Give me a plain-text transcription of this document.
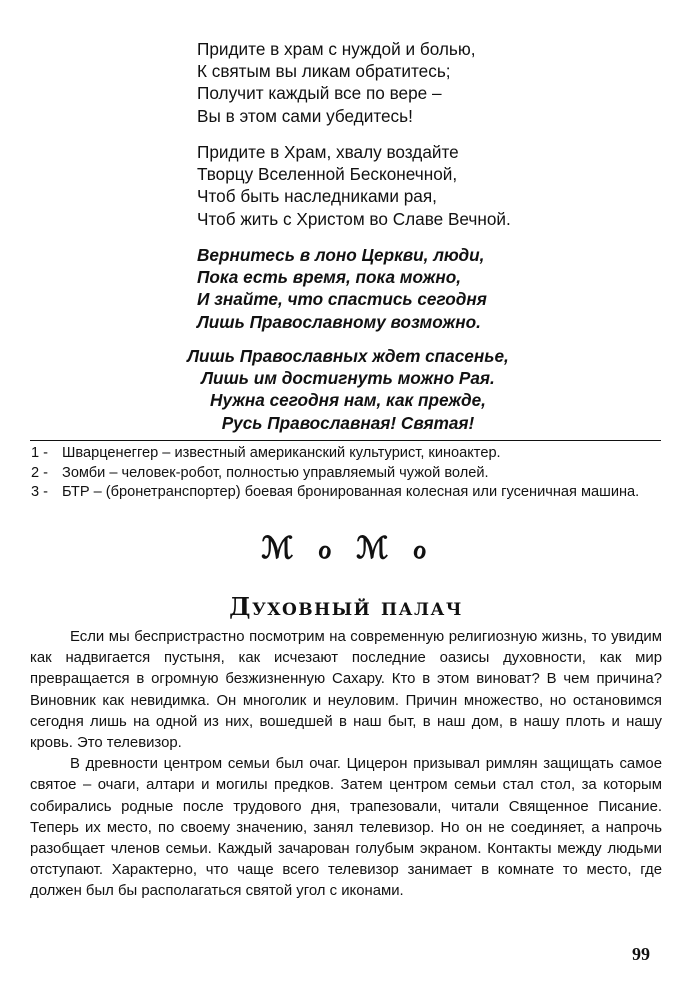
Придите в храм с нуждой и болью,
К святым вы ликам обратитесь;
Получит каждый все по вере –
Вы в этом сами убедитесь!
Придите в Храм, хвалу воздайте
Творцу Вселенной Бесконечной,
Чтоб быть наследниками рая,
Чтоб жить с Христом во Славе Вечной.
Вернитесь в лоно Церкви, люди,
Пока есть время, пока можно,
И знайте, что спастись сегодня
Лишь Православному возможно.
Лишь Православных ждет спасенье,
Лишь им достигнуть можно Рая.
Нужна сегодня нам, как прежде,
Русь Православная! Святая!
1 - Шварценеггер – известный американский культурист, киноактер.
2 - Зомби – человек-робот, полностью управляемый чужой волей.
3 - БТР – (бронетранспортер) боевая бронированная колесная или гусеничная машина.
ℳ ℴ ℳ ℴ
Духовный палач

Если мы беспристрастно посмотрим на современную религиозную жизнь, то увидим как надвигается пустыня, как исчезают последние оазисы духовности, как мир превращается в огромную безжизненную Сахару. Кто в этом виноват? В чем причина? Виновник как невидимка. Он многолик и неуловим. Причин множество, но остановимся сегодня лишь на одной из них, вошедшей в наш быт, в наш дом, в нашу плоть и нашу кровь. Это телевизор.

В древности центром семьи был очаг. Цицерон призывал римлян защищать самое святое – очаги, алтари и могилы предков. Затем центром семьи стал стол, за которым собирались родные после трудового дня, трапезовали, читали Священное Писание. Теперь их место, по своему значению, занял телевизор. Но он не соединяет, а напрочь разобщает членов семьи. Каждый зачарован голубым экраном. Контакты между людьми отступают. Характерно, что чаще всего телевизор занимает в комнате то место, где должен был бы располагаться святой угол с иконами.

99
